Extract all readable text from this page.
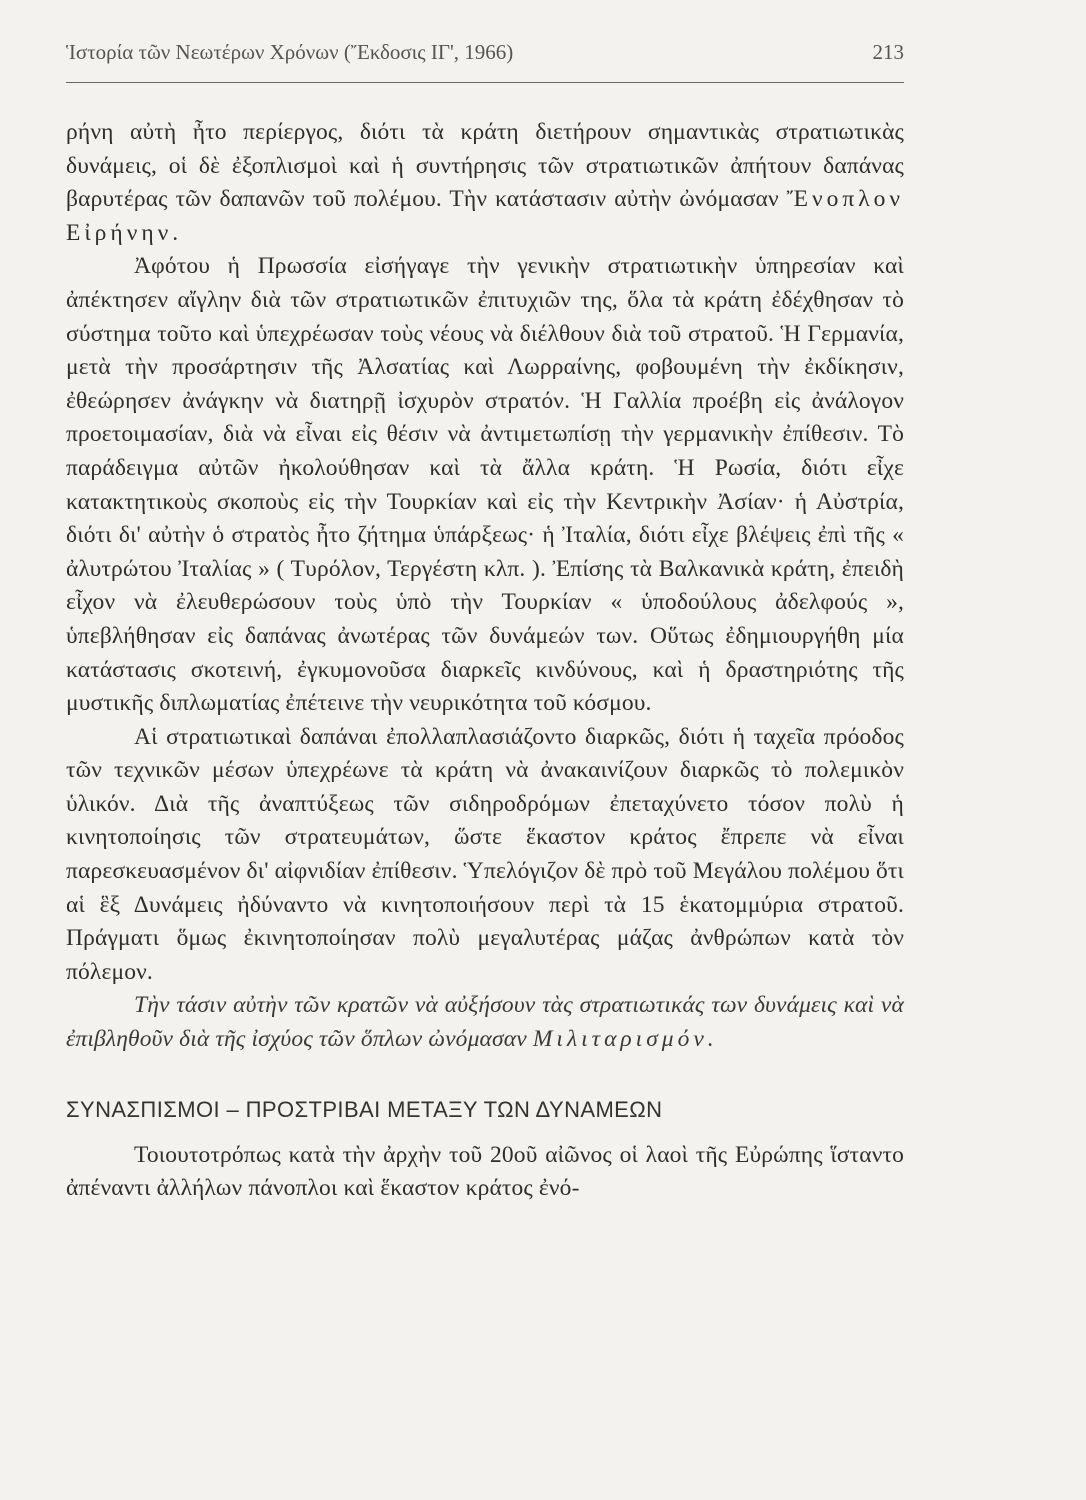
Ἱστορία τῶν Νεωτέρων Χρόνων (Ἔκδοσις ΙΓ', 1966)	213

ρήνη αὐτὴ ἦτο περίεργος, διότι τὰ κράτη διετήρουν σημαντικὰς στρατιωτικὰς δυνάμεις, οἱ δὲ ἐξοπλισμοὶ καὶ ἡ συντήρησις τῶν στρατιωτικῶν ἀπήτουν δαπάνας βαρυτέρας τῶν δαπανῶν τοῦ πολέμου. Τὴν κατάστασιν αὐτὴν ὠνόμασαν Ἔνοπλον Εἰρήνην.

Ἀφότου ἡ Πρωσσία εἰσήγαγε τὴν γενικὴν στρατιωτικὴν ὑπηρεσίαν καὶ ἀπέκτησεν αἴγλην διὰ τῶν στρατιωτικῶν ἐπιτυχιῶν της, ὅλα τὰ κράτη ἐδέχθησαν τὸ σύστημα τοῦτο καὶ ὑπεχρέωσαν τοὺς νέους νὰ διέλθουν διὰ τοῦ στρατοῦ. Ἡ Γερμανία, μετὰ τὴν προσάρτησιν τῆς Ἀλσατίας καὶ Λωρραίνης, φοβουμένη τὴν ἐκδίκησιν, ἐθεώρησεν ἀνάγκην νὰ διατηρῇ ἰσχυρὸν στρατόν. Ἡ Γαλλία προέβη εἰς ἀνάλογον προετοιμασίαν, διὰ νὰ εἶναι εἰς θέσιν νὰ ἀντιμετωπίσῃ τὴν γερμανικὴν ἐπίθεσιν. Τὸ παράδειγμα αὐτῶν ἠκολούθησαν καὶ τὰ ἄλλα κράτη. Ἡ Ρωσία, διότι εἶχε κατακτητικοὺς σκοποὺς εἰς τὴν Τουρκίαν καὶ εἰς τὴν Κεντρικὴν Ἀσίαν· ἡ Αὐστρία, διότι δι' αὐτὴν ὁ στρατὸς ἦτο ζήτημα ὑπάρξεως· ἡ Ἰταλία, διότι εἶχε βλέψεις ἐπὶ τῆς « ἀλυτρώτου Ἰταλίας » ( Τυρόλον, Τεργέστη κλπ. ). Ἐπίσης τὰ Βαλκανικὰ κράτη, ἐπειδὴ εἶχον νὰ ἐλευθερώσουν τοὺς ὑπὸ τὴν Τουρκίαν « ὑποδούλους ἀδελφούς », ὑπεβλήθησαν εἰς δαπάνας ἀνωτέρας τῶν δυνάμεών των. Οὕτως ἐδημιουργήθη μία κατάστασις σκοτεινή, ἐγκυμονοῦσα διαρκεῖς κινδύνους, καὶ ἡ δραστηριότης τῆς μυστικῆς διπλωματίας ἐπέτεινε τὴν νευρικότητα τοῦ κόσμου.

Αἱ στρατιωτικαὶ δαπάναι ἐπολλαπλασιάζοντο διαρκῶς, διότι ἡ ταχεῖα πρόοδος τῶν τεχνικῶν μέσων ὑπεχρέωνε τὰ κράτη νὰ ἀνακαινίζουν διαρκῶς τὸ πολεμικὸν ὑλικόν. Διὰ τῆς ἀναπτύξεως τῶν σιδηροδρόμων ἐπεταχύνετο τόσον πολὺ ἡ κινητοποίησις τῶν στρατευμάτων, ὥστε ἕκαστον κράτος ἔπρεπε νὰ εἶναι παρεσκευασμένον δι' αἰφνιδίαν ἐπίθεσιν. Ὑπελόγιζον δὲ πρὸ τοῦ Μεγάλου πολέμου ὅτι αἱ ἓξ Δυνάμεις ἠδύναντο νὰ κινητοποιήσουν περὶ τὰ 15 ἑκατομμύρια στρατοῦ. Πράγματι ὅμως ἐκινητοποίησαν πολὺ μεγαλυτέρας μάζας ἀνθρώπων κατὰ τὸν πόλεμον.

Τὴν τάσιν αὐτὴν τῶν κρατῶν νὰ αὐξήσουν τὰς στρατιωτικάς των δυνάμεις καὶ νὰ ἐπιβληθοῦν διὰ τῆς ἰσχύος τῶν ὅπλων ὠνόμασαν Μιλιταρισμόν.

ΣΥΝΑΣΠΙΣΜΟΙ – ΠΡΟΣΤΡΙΒΑΙ ΜΕΤΑΞΥ ΤΩΝ ΔΥΝΑΜΕΩΝ

Τοιουτοτρόπως κατὰ τὴν ἀρχὴν τοῦ 20οῦ αἰῶνος οἱ λαοὶ τῆς Εὐρώπης ἵσταντο ἀπέναντι ἀλλήλων πάνοπλοι καὶ ἕκαστον κράτος ἐνό-
